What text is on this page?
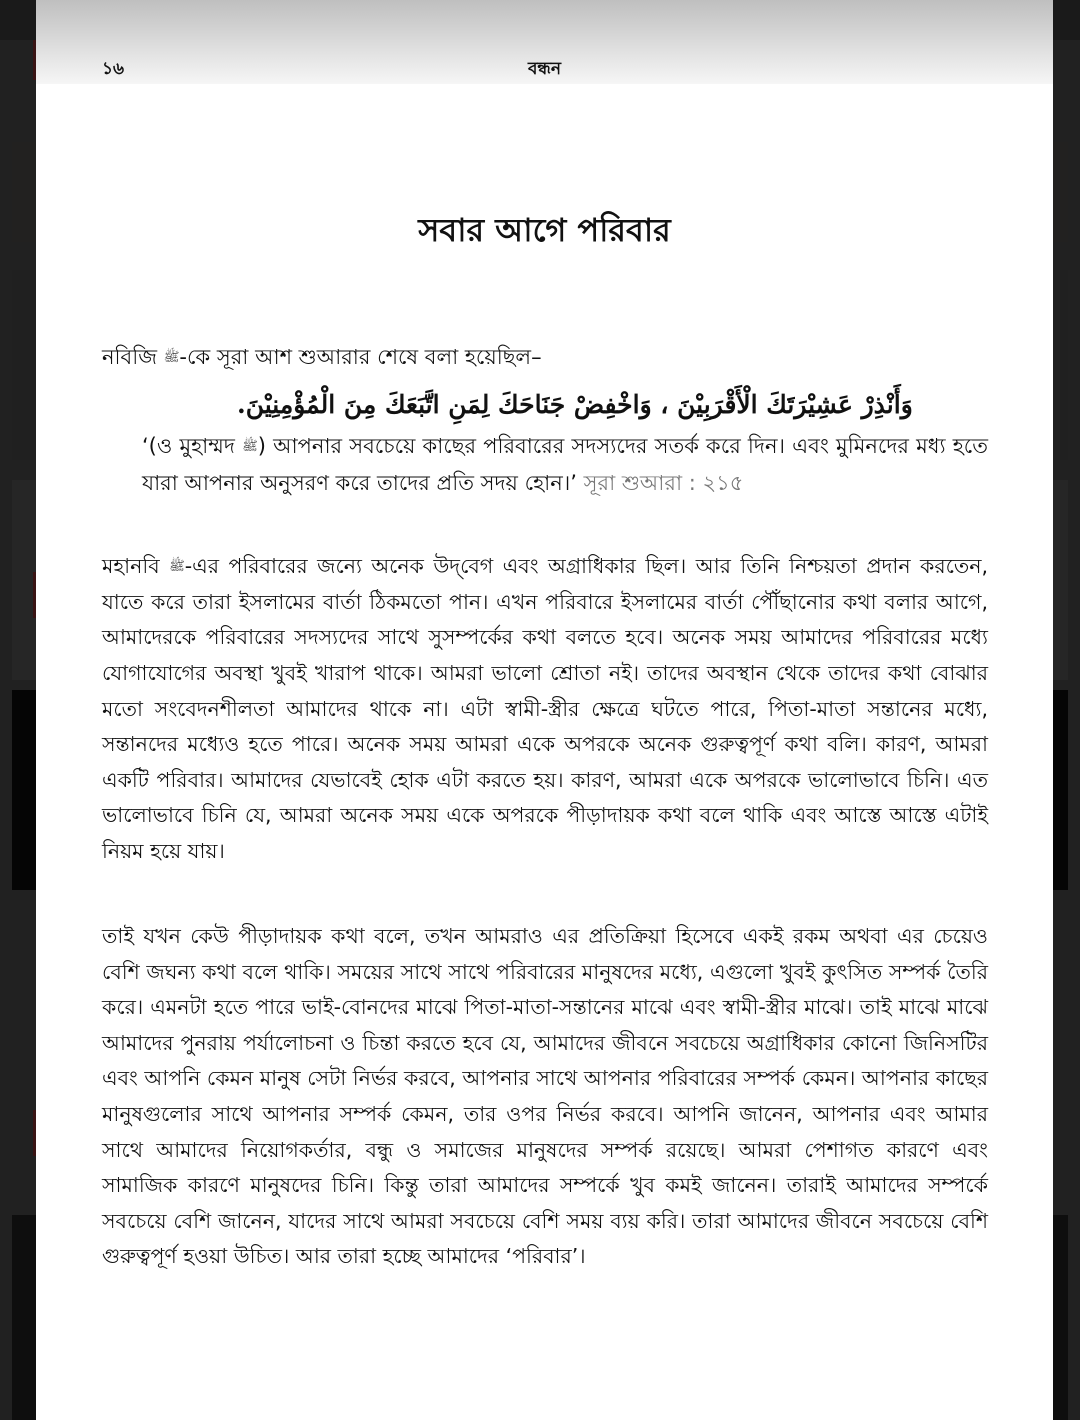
১৬	বন্ধন
সবার আগে পরিবার
নবিজি ﷺ-কে সূরা আশ শুআরার শেষে বলা হয়েছিল–
وَأَنْذِرْ عَشِيْرَتَكَ الْأَقْرَبِيْنَ ، وَاخْفِضْ جَنَاحَكَ لِمَنِ اتَّبَعَكَ مِنَ الْمُؤْمِنِيْنَ.
‘(ও মুহাম্মদ ﷺ) আপনার সবচেয়ে কাছের পরিবারের সদস্যদের সতর্ক করে দিন। এবং মুমিনদের মধ্য হতে যারা আপনার অনুসরণ করে তাদের প্রতি সদয় হোন।’ সূরা শুআরা : ২১৫
মহানবি ﷺ-এর পরিবারের জন্যে অনেক উদ্‌বেগ এবং অগ্রাধিকার ছিল। আর তিনি নিশ্চয়তা প্রদান করতেন, যাতে করে তারা ইসলামের বার্তা ঠিকমতো পান। এখন পরিবারে ইসলামের বার্তা পৌঁছানোর কথা বলার আগে, আমাদেরকে পরিবারের সদস্যদের সাথে সুসম্পর্কের কথা বলতে হবে। অনেক সময় আমাদের পরিবারের মধ্যে যোগাযোগের অবস্থা খুবই খারাপ থাকে। আমরা ভালো শ্রোতা নই। তাদের অবস্থান থেকে তাদের কথা বোঝার মতো সংবেদনশীলতা আমাদের থাকে না। এটা স্বামী-স্ত্রীর ক্ষেত্রে ঘটতে পারে, পিতা-মাতা সন্তানের মধ্যে, সন্তানদের মধ্যেও হতে পারে। অনেক সময় আমরা একে অপরকে অনেক গুরুত্বপূর্ণ কথা বলি। কারণ, আমরা একটি পরিবার। আমাদের যেভাবেই হোক এটা করতে হয়। কারণ, আমরা একে অপরকে ভালোভাবে চিনি। এত ভালোভাবে চিনি যে, আমরা অনেক সময় একে অপরকে পীড়াদায়ক কথা বলে থাকি এবং আস্তে আস্তে এটাই নিয়ম হয়ে যায়।
তাই যখন কেউ পীড়াদায়ক কথা বলে, তখন আমরাও এর প্রতিক্রিয়া হিসেবে একই রকম অথবা এর চেয়েও বেশি জঘন্য কথা বলে থাকি। সময়ের সাথে সাথে পরিবারের মানুষদের মধ্যে, এগুলো খুবই কুৎসিত সম্পর্ক তৈরি করে। এমনটা হতে পারে ভাই-বোনদের মাঝে পিতা-মাতা-সন্তানের মাঝে এবং স্বামী-স্ত্রীর মাঝে। তাই মাঝে মাঝে আমাদের পুনরায় পর্যালোচনা ও চিন্তা করতে হবে যে, আমাদের জীবনে সবচেয়ে অগ্রাধিকার কোনো জিনিসটির এবং আপনি কেমন মানুষ সেটা নির্ভর করবে, আপনার সাথে আপনার পরিবারের সম্পর্ক কেমন। আপনার কাছের মানুষগুলোর সাথে আপনার সম্পর্ক কেমন, তার ওপর নির্ভর করবে। আপনি জানেন, আপনার এবং আমার সাথে আমাদের নিয়োগকর্তার, বন্ধু ও সমাজের মানুষদের সম্পর্ক রয়েছে। আমরা পেশাগত কারণে এবং সামাজিক কারণে মানুষদের চিনি। কিন্তু তারা আমাদের সম্পর্কে খুব কমই জানেন। তারাই আমাদের সম্পর্কে সবচেয়ে বেশি জানেন, যাদের সাথে আমরা সবচেয়ে বেশি সময় ব্যয় করি। তারা আমাদের জীবনে সবচেয়ে বেশি গুরুত্বপূর্ণ হওয়া উচিত। আর তারা হচ্ছে আমাদের ‘পরিবার’।
